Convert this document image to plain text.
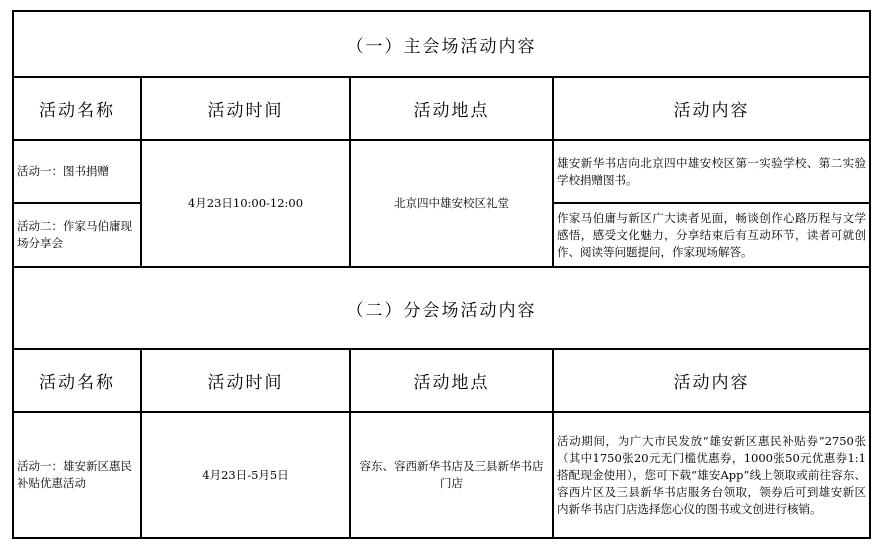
（一）主会场活动内容			
活动名称	活动时间	活动地点	活动内容
活动一：图书捐赠	4月23日10:00-12:00	北京四中雄安校区礼堂	雄安新华书店向北京四中雄安校区第一实验学校、第二实验学校捐赠图书。
活动二：作家马伯庸现场分享会			作家马伯庸与新区广大读者见面，畅谈创作心路历程与文学感悟，感受文化魅力，分享结束后有互动环节，读者可就创作、阅读等问题提问，作家现场解答。
（二）分会场活动内容			
活动名称	活动时间	活动地点	活动内容
活动一：雄安新区惠民补贴优惠活动	4月23日-5月5日	容东、容西新华书店及三县新华书店门店	活动期间，为广大市民发放“雄安新区惠民补贴券”2750张（其中1750张20元无门槛优惠券，1000张50元优惠券1:1搭配现金使用），您可下载“雄安App”线上领取或前往容东、容西片区及三县新华书店服务台领取，领券后可到雄安新区内新华书店门店选择您心仪的图书或文创进行核销。
